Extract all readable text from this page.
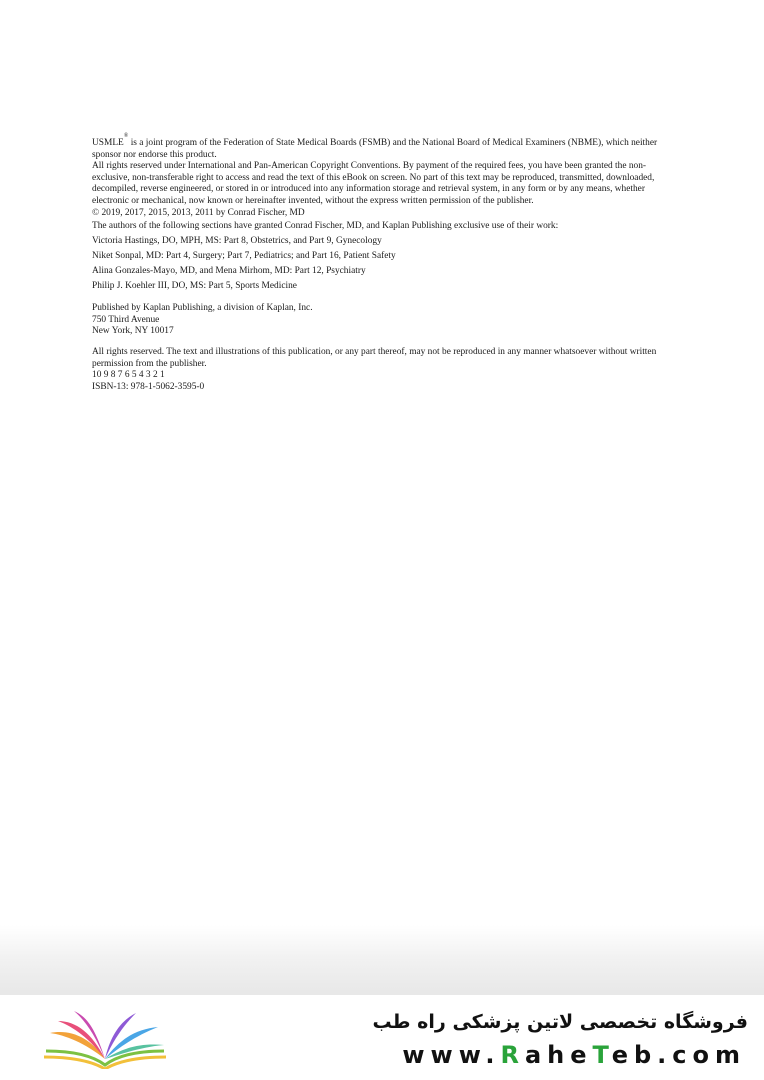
USMLE® is a joint program of the Federation of State Medical Boards (FSMB) and the National Board of Medical Examiners (NBME), which neither sponsor nor endorse this product.

All rights reserved under International and Pan-American Copyright Conventions. By payment of the required fees, you have been granted the non-exclusive, non-transferable right to access and read the text of this eBook on screen. No part of this text may be reproduced, transmitted, downloaded, decompiled, reverse engineered, or stored in or introduced into any information storage and retrieval system, in any form or by any means, whether electronic or mechanical, now known or hereinafter invented, without the express written permission of the publisher.

© 2019, 2017, 2015, 2013, 2011 by Conrad Fischer, MD

The authors of the following sections have granted Conrad Fischer, MD, and Kaplan Publishing exclusive use of their work:

Victoria Hastings, DO, MPH, MS: Part 8, Obstetrics, and Part 9, Gynecology

Niket Sonpal, MD: Part 4, Surgery; Part 7, Pediatrics; and Part 16, Patient Safety

Alina Gonzales-Mayo, MD, and Mena Mirhom, MD: Part 12, Psychiatry

Philip J. Koehler III, DO, MS: Part 5, Sports Medicine

Published by Kaplan Publishing, a division of Kaplan, Inc.

750 Third Avenue

New York, NY 10017

All rights reserved. The text and illustrations of this publication, or any part thereof, may not be reproduced in any manner whatsoever without written permission from the publisher.

10 9 8 7 6 5 4 3 2 1

ISBN-13: 978-1-5062-3595-0

فروشگاه تخصصی لاتین پزشکی راه طب
www.RaheTeb.com
